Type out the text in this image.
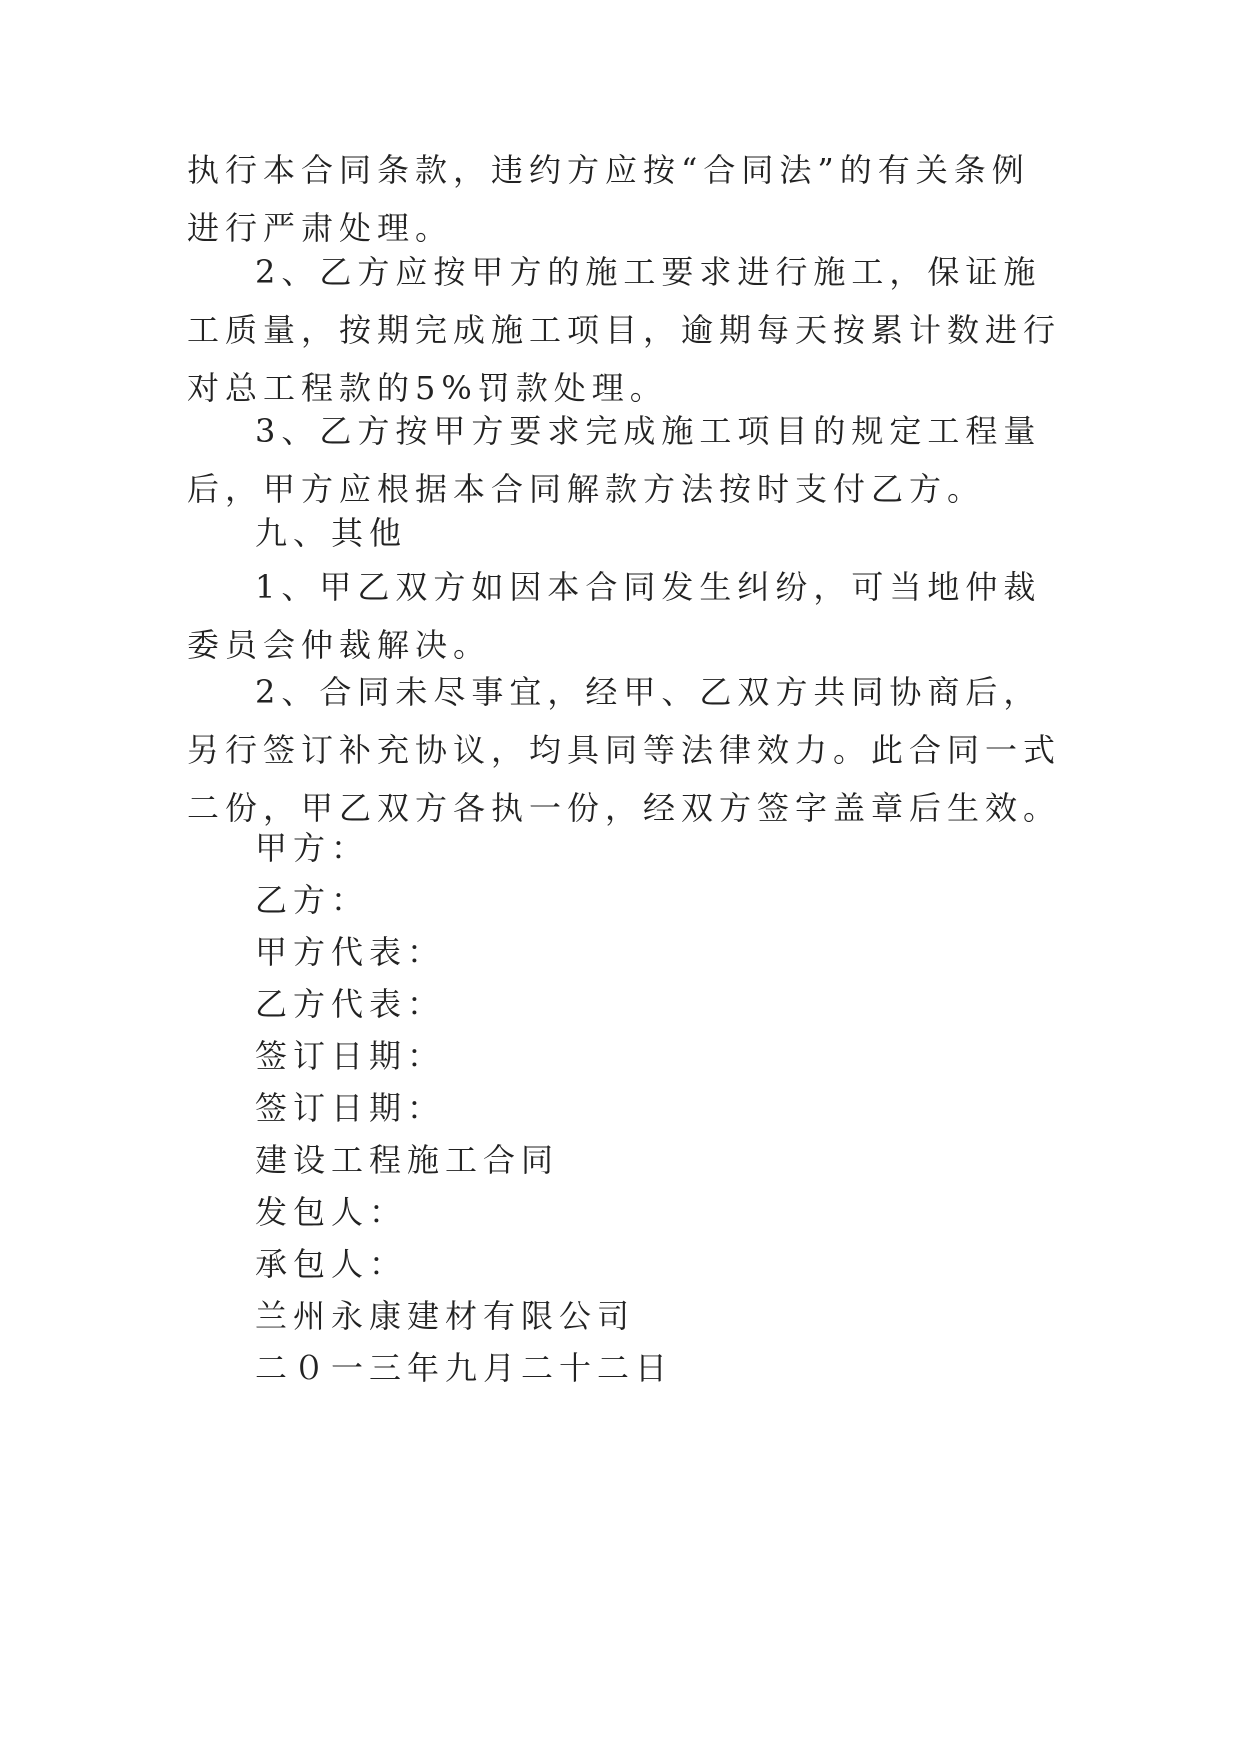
执行本合同条款，违约方应按“合同法”的有关条例进行严肃处理。

2、乙方应按甲方的施工要求进行施工，保证施工质量，按期完成施工项目，逾期每天按累计数进行对总工程款的5%罚款处理。

3、乙方按甲方要求完成施工项目的规定工程量后，甲方应根据本合同解款方法按时支付乙方。

九、其他

1、甲乙双方如因本合同发生纠纷，可当地仲裁委员会仲裁解决。

2、合同未尽事宜，经甲、乙双方共同协商后，另行签订补充协议，均具同等法律效力。此合同一式二份，甲乙双方各执一份，经双方签字盖章后生效。

甲方：

乙方：

甲方代表：

乙方代表：

签订日期：

签订日期：

建设工程施工合同

发包人：

承包人：

兰州永康建材有限公司

二０一三年九月二十二日
